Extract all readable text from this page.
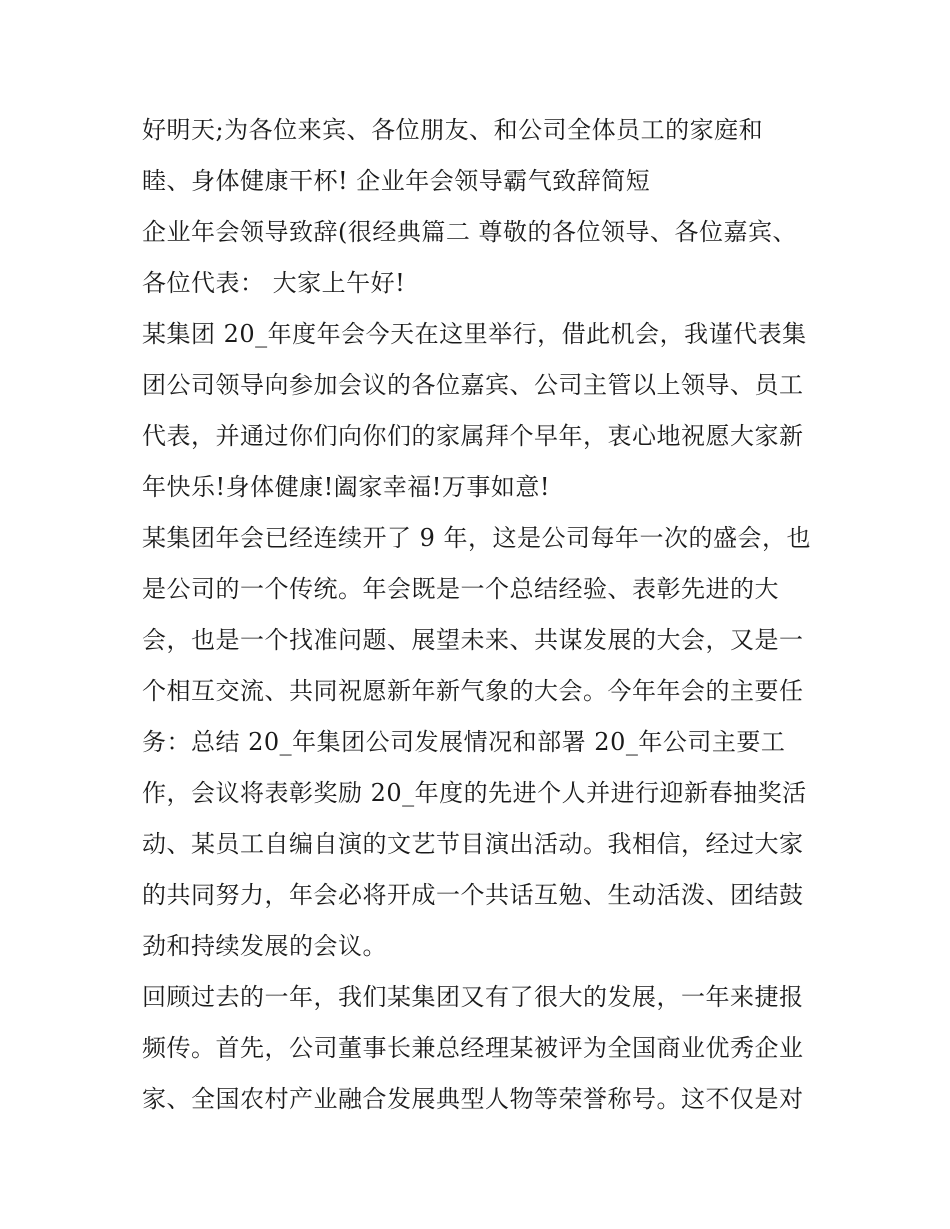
好明天;为各位来宾、各位朋友、和公司全体员工的家庭和
睦、身体健康干杯! 企业年会领导霸气致辞简短
企业年会领导致辞(很经典篇二 尊敬的各位领导、各位嘉宾、
各位代表： 大家上午好!
某集团 20_年度年会今天在这里举行，借此机会，我谨代表集
团公司领导向参加会议的各位嘉宾、公司主管以上领导、员工
代表，并通过你们向你们的家属拜个早年，衷心地祝愿大家新
年快乐!身体健康!阖家幸福!万事如意!
某集团年会已经连续开了 9 年，这是公司每年一次的盛会，也
是公司的一个传统。年会既是一个总结经验、表彰先进的大
会，也是一个找准问题、展望未来、共谋发展的大会，又是一
个相互交流、共同祝愿新年新气象的大会。今年年会的主要任
务：总结 20_年集团公司发展情况和部署 20_年公司主要工
作，会议将表彰奖励 20_年度的先进个人并进行迎新春抽奖活
动、某员工自编自演的文艺节目演出活动。我相信，经过大家
的共同努力，年会必将开成一个共话互勉、生动活泼、团结鼓
劲和持续发展的会议。
回顾过去的一年，我们某集团又有了很大的发展，一年来捷报
频传。首先，公司董事长兼总经理某被评为全国商业优秀企业
家、全国农村产业融合发展典型人物等荣誉称号。这不仅是对
